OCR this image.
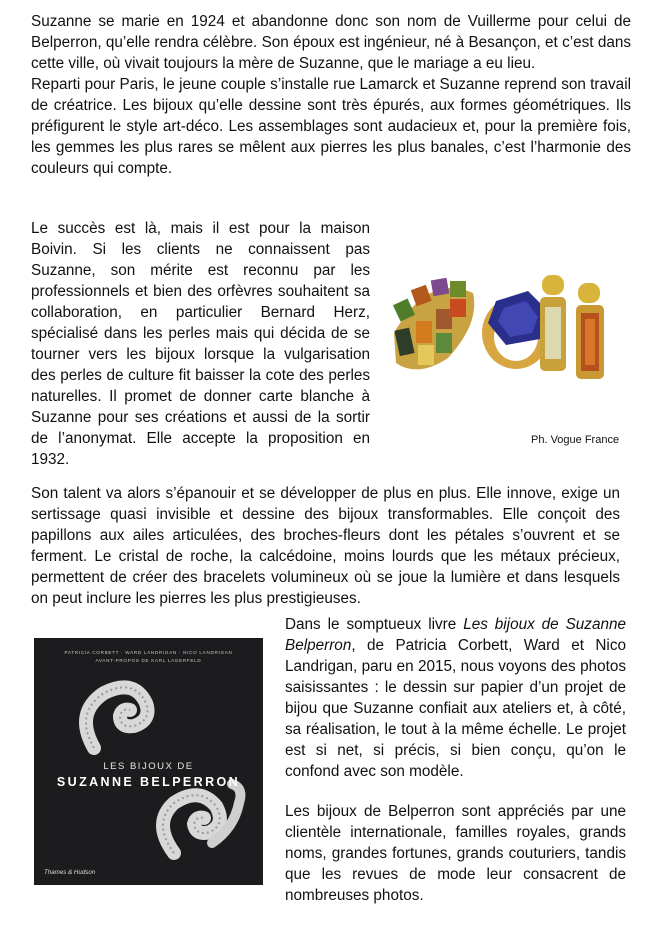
Suzanne se marie en 1924 et abandonne donc son nom de Vuillerme pour celui de Belperron, qu’elle rendra célèbre. Son époux est ingénieur, né à Besançon, et c’est dans cette ville, où vivait toujours la mère de Suzanne, que le mariage a eu lieu.

Reparti pour Paris, le jeune couple s’installe rue Lamarck et Suzanne reprend son travail de créatrice. Les bijoux qu’elle dessine sont très épurés, aux formes géométriques. Ils préfigurent le style art-déco. Les assemblages sont audacieux et, pour la première fois, les gemmes les plus rares se mêlent aux pierres les plus banales, c’est l’harmonie des couleurs qui compte.

Le succès est là, mais il est pour la maison Boivin. Si les clients ne connaissent pas Suzanne, son mérite est reconnu par les professionnels et bien des orfèvres souhaitent sa collaboration, en particulier Bernard Herz, spécialisé dans les perles mais qui décida de se tourner vers les bijoux lorsque la vulgarisation des perles de culture fit baisser la cote des perles naturelles. Il promet de donner carte blanche à Suzanne pour ses créations et aussi de la sortir de l’anonymat. Elle accepte la proposition en 1932.

Ph. Vogue France

Son talent va alors s’épanouir et se développer de plus en plus. Elle innove, exige un sertissage quasi invisible et dessine des bijoux transformables. Elle conçoit des papillons aux ailes articulées, des broches-fleurs dont les pétales s’ouvrent et se ferment. Le cristal de roche, la calcédoine, moins lourds que les métaux précieux, permettent de créer des bracelets volumineux où se joue la lumière et dans lesquels on peut inclure les pierres les plus prestigieuses.

PATRICIA CORBETT · WARD LANDRIGAN · NICO LANDRIGAN
AVANT-PROPOS DE KARL LAGERFELD
LES BIJOUX DE
SUZANNE BELPERRON
Thames & Hudson

Dans le somptueux livre Les bijoux de Suzanne Belperron, de Patricia Corbett, Ward et Nico Landrigan, paru en 2015, nous voyons des photos saisissantes : le dessin sur papier d’un projet de bijou que Suzanne confiait aux ateliers et, à côté, sa réalisation, le tout à la même échelle. Le projet est si net, si précis, si bien conçu, qu’on le confond avec son modèle.

Les bijoux de Belperron sont appréciés par une clientèle internationale, familles royales, grands noms, grandes fortunes, grands couturiers, tandis que les revues de mode leur consacrent de nombreuses photos.
